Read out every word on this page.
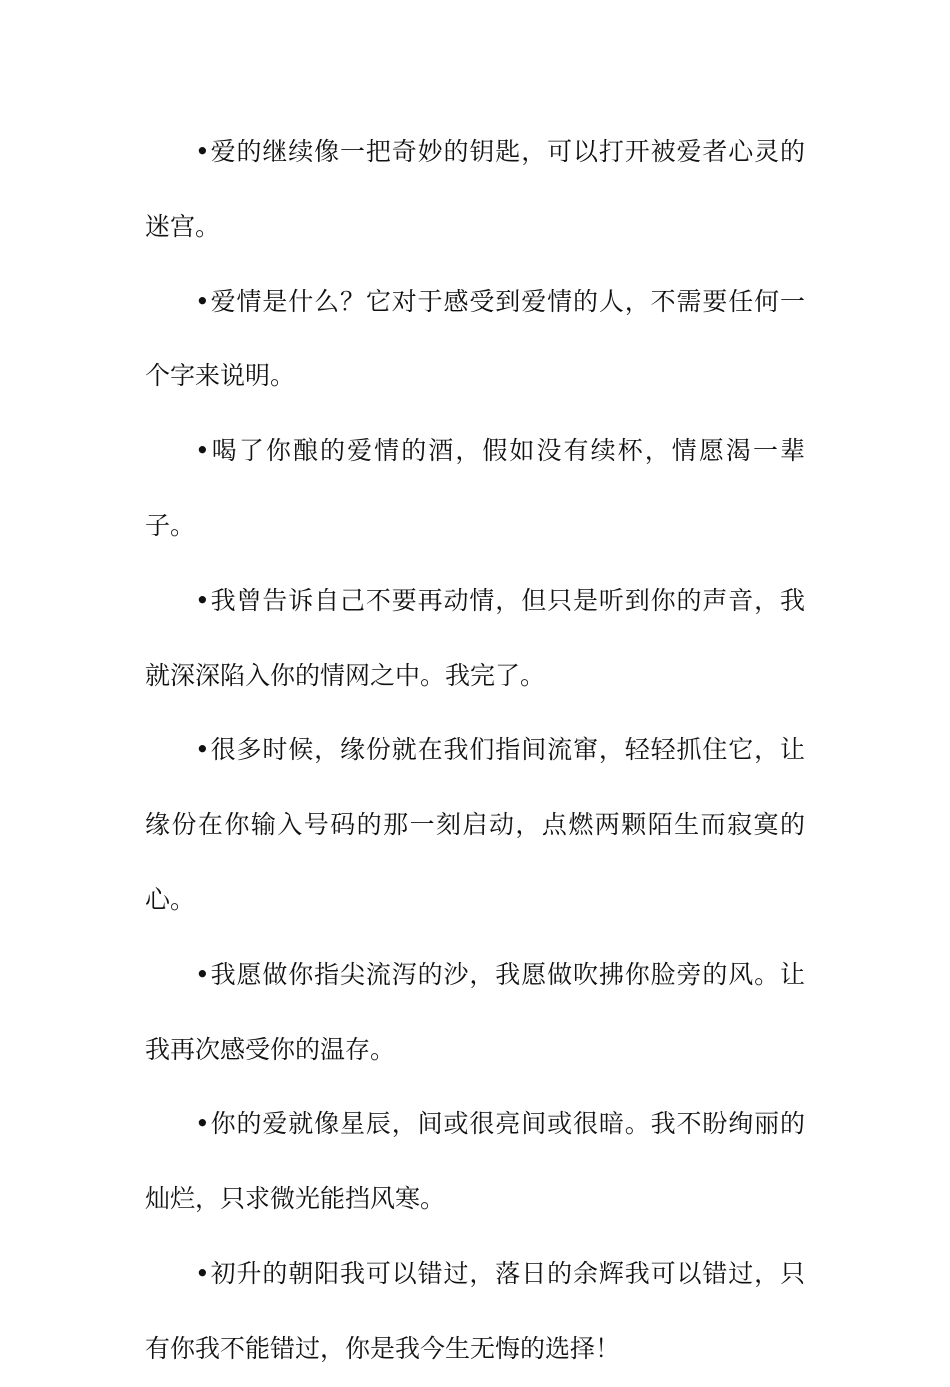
•爱的继续像一把奇妙的钥匙，可以打开被爱者心灵的迷宫。

•爱情是什么？它对于感受到爱情的人，不需要任何一个字来说明。

•喝了你酿的爱情的酒，假如没有续杯，情愿渴一辈子。

•我曾告诉自己不要再动情，但只是听到你的声音，我就深深陷入你的情网之中。我完了。

•很多时候，缘份就在我们指间流窜，轻轻抓住它，让缘份在你输入号码的那一刻启动，点燃两颗陌生而寂寞的心。

•我愿做你指尖流泻的沙，我愿做吹拂你脸旁的风。让我再次感受你的温存。

•你的爱就像星辰，间或很亮间或很暗。我不盼绚丽的灿烂，只求微光能挡风寒。

•初升的朝阳我可以错过，落日的余辉我可以错过，只有你我不能错过，你是我今生无悔的选择！
